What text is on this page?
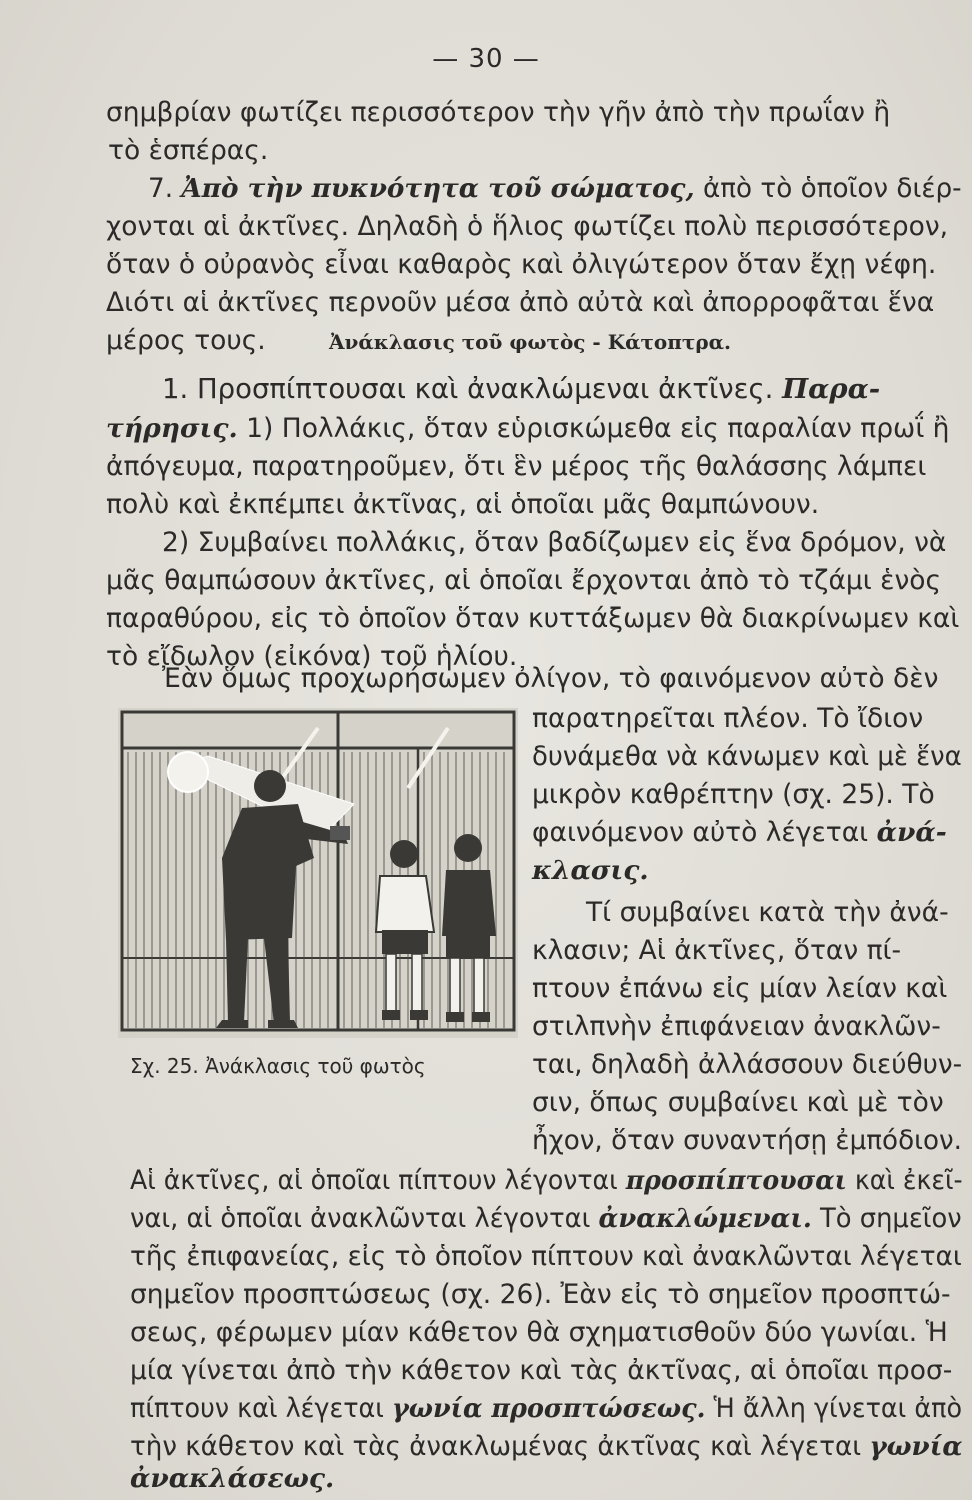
— 30 —
σημβρίαν φωτίζει περισσότερον τὴν γῆν ἀπὸ τὴν πρωΐαν ἢ
τὸ ἑσπέρας.
7. Ἀπὸ τὴν πυκνότητα τοῦ σώματος, ἀπὸ τὸ ὁποῖον διέρ-
χονται αἱ ἀκτῖνες. Δηλαδὴ ὁ ἥλιος φωτίζει πολὺ περισσότερον,
ὅταν ὁ οὐρανὸς εἶναι καθαρὸς καὶ ὀλιγώτερον ὅταν ἔχῃ νέφη.
Διότι αἱ ἀκτῖνες περνοῦν μέσα ἀπὸ αὐτὰ καὶ ἀπορροφᾶται ἕνα
μέρος τους.	Ἀνάκλασις τοῦ φωτὸς - Κάτοπτρα.
1. Προσπίπτουσαι καὶ ἀνακλώμεναι ἀκτῖνες. Παρα-
τήρησις. 1) Πολλάκις, ὅταν εὑρισκώμεθα εἰς παραλίαν πρωΐ ἢ
ἀπόγευμα, παρατηροῦμεν, ὅτι ἓν μέρος τῆς θαλάσσης λάμπει
πολὺ καὶ ἐκπέμπει ἀκτῖνας, αἱ ὁποῖαι μᾶς θαμπώνουν.
2) Συμβαίνει πολλάκις, ὅταν βαδίζωμεν εἰς ἕνα δρόμον, νὰ
μᾶς θαμπώσουν ἀκτῖνες, αἱ ὁποῖαι ἔρχονται ἀπὸ τὸ τζάμι ἑνὸς
παραθύρου, εἰς τὸ ὁποῖον ὅταν κυττάξωμεν θὰ διακρίνωμεν καὶ
τὸ εἴδωλον (εἰκόνα) τοῦ ἡλίου.
Ἐὰν ὅμως προχωρήσωμεν ὀλίγον, τὸ φαινόμενον αὐτὸ δὲν
παρατηρεῖται πλέον. Τὸ ἴδιον
δυνάμεθα νὰ κάνωμεν καὶ μὲ ἕνα
μικρὸν καθρέπτην (σχ. 25). Τὸ
φαινόμενον αὐτὸ λέγεται ἀνά-
κλασις.
Τί συμβαίνει κατὰ τὴν ἀνά-
κλασιν; Αἱ ἀκτῖνες, ὅταν πί-
πτουν ἐπάνω εἰς μίαν λείαν καὶ
στιλπνὴν ἐπιφάνειαν ἀνακλῶν-
ται, δηλαδὴ ἀλλάσσουν διεύθυν-
σιν, ὅπως συμβαίνει καὶ μὲ τὸν
ἦχον, ὅταν συναντήσῃ ἐμπόδιον.
Σχ. 25. Ἀνάκλασις τοῦ φωτὸς
Αἱ ἀκτῖνες, αἱ ὁποῖαι πίπτουν λέγονται προσπίπτουσαι καὶ ἐκεῖ-
ναι, αἱ ὁποῖαι ἀνακλῶνται λέγονται ἀνακλώμεναι. Τὸ σημεῖον
τῆς ἐπιφανείας, εἰς τὸ ὁποῖον πίπτουν καὶ ἀνακλῶνται λέγεται
σημεῖον προσπτώσεως (σχ. 26). Ἐὰν εἰς τὸ σημεῖον προσπτώ-
σεως, φέρωμεν μίαν κάθετον θὰ σχηματισθοῦν δύο γωνίαι. Ἡ
μία γίνεται ἀπὸ τὴν κάθετον καὶ τὰς ἀκτῖνας, αἱ ὁποῖαι προσ-
πίπτουν καὶ λέγεται γωνία προσπτώσεως. Ἡ ἄλλη γίνεται ἀπὸ
τὴν κάθετον καὶ τὰς ἀνακλωμένας ἀκτῖνας καὶ λέγεται γωνία
ἀνακλάσεως.
